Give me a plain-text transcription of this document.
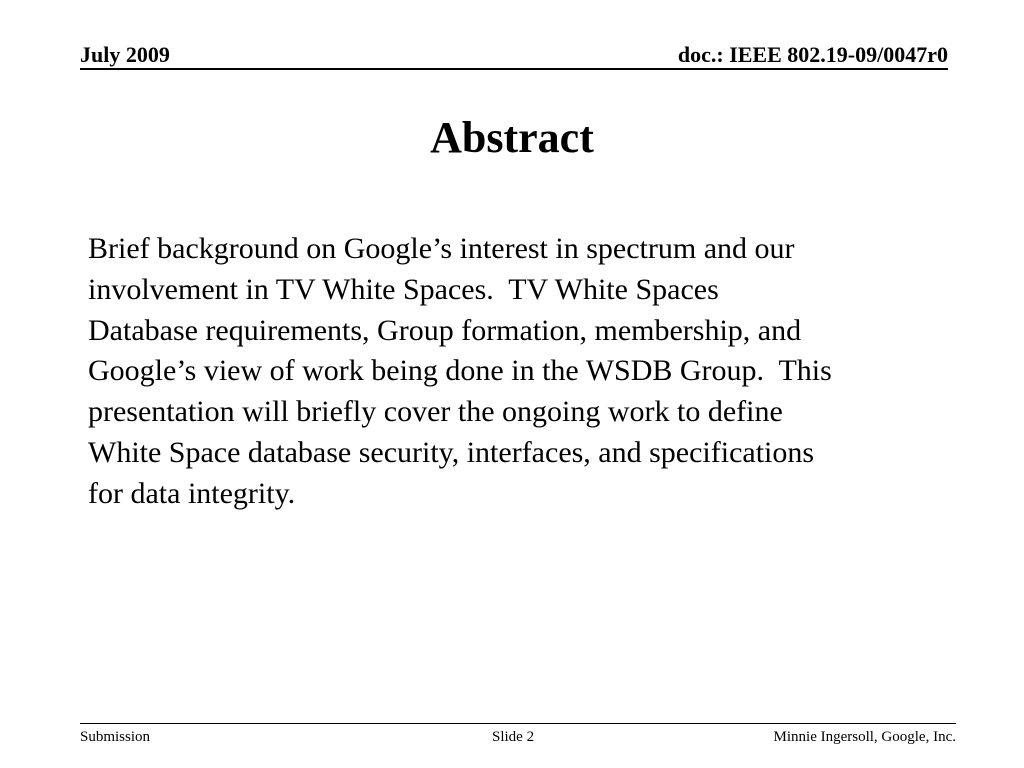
July 2009	doc.: IEEE 802.19-09/0047r0
Abstract

Brief background on Google’s interest in spectrum and our
involvement in TV White Spaces.  TV White Spaces
Database requirements, Group formation, membership, and
Google’s view of work being done in the WSDB Group.  This
presentation will briefly cover the ongoing work to define
White Space database security, interfaces, and specifications
for data integrity.

Submission	Slide 2	Minnie Ingersoll, Google, Inc.
